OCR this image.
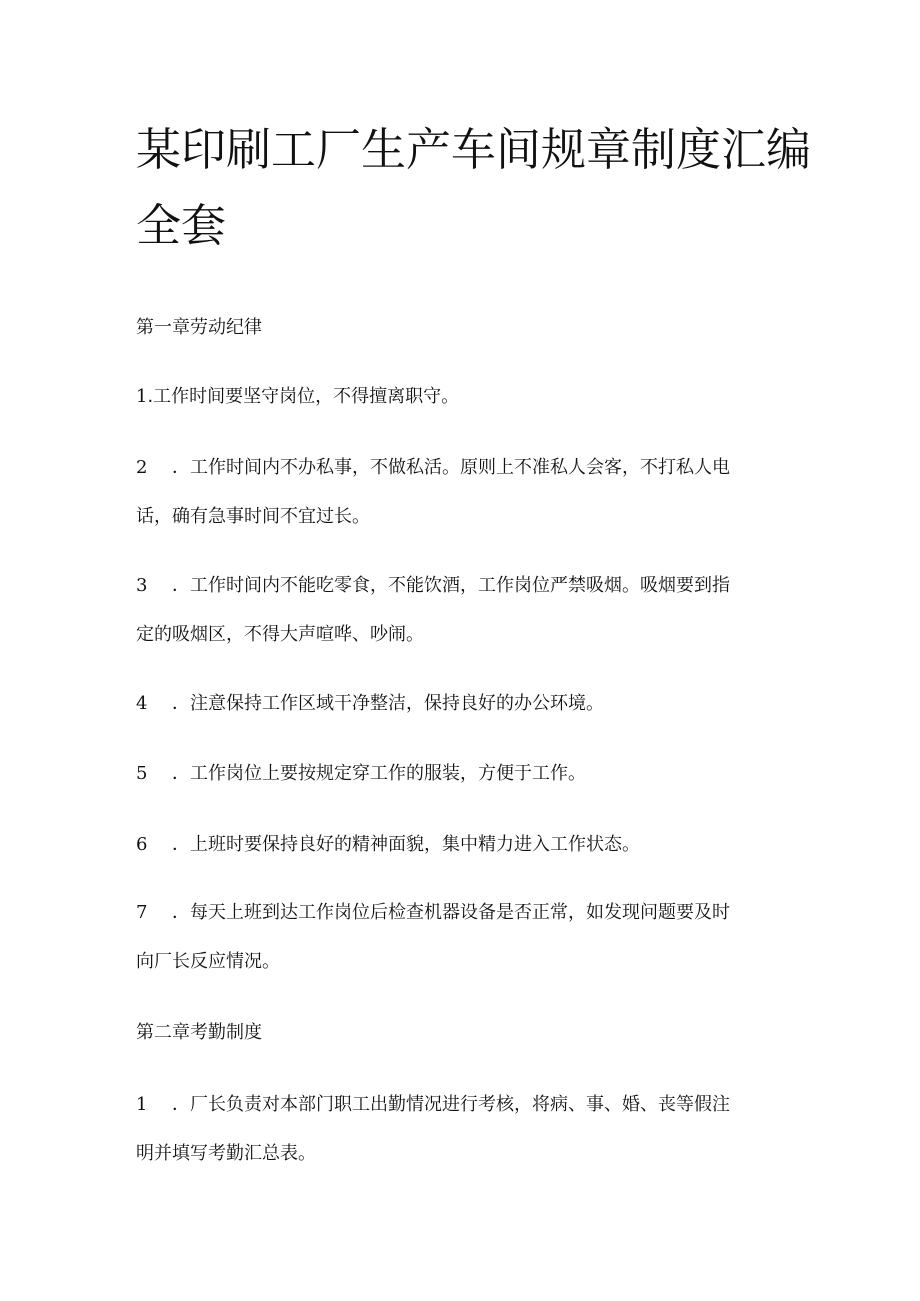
某印刷工厂生产车间规章制度汇编
全套

第一章劳动纪律

1.工作时间要坚守岗位，不得擅离职守。

2 ．工作时间内不办私事，不做私活。原则上不准私人会客，不打私人电
话，确有急事时间不宜过长。

3 ．工作时间内不能吃零食，不能饮酒，工作岗位严禁吸烟。吸烟要到指
定的吸烟区，不得大声喧哗、吵闹。

4 ．注意保持工作区域干净整洁，保持良好的办公环境。

5 ．工作岗位上要按规定穿工作的服装，方便于工作。

6 ．上班时要保持良好的精神面貌，集中精力进入工作状态。

7 ．每天上班到达工作岗位后检查机器设备是否正常，如发现问题要及时
向厂长反应情况。

第二章考勤制度

1 ．厂长负责对本部门职工出勤情况进行考核，将病、事、婚、丧等假注
明并填写考勤汇总表。
